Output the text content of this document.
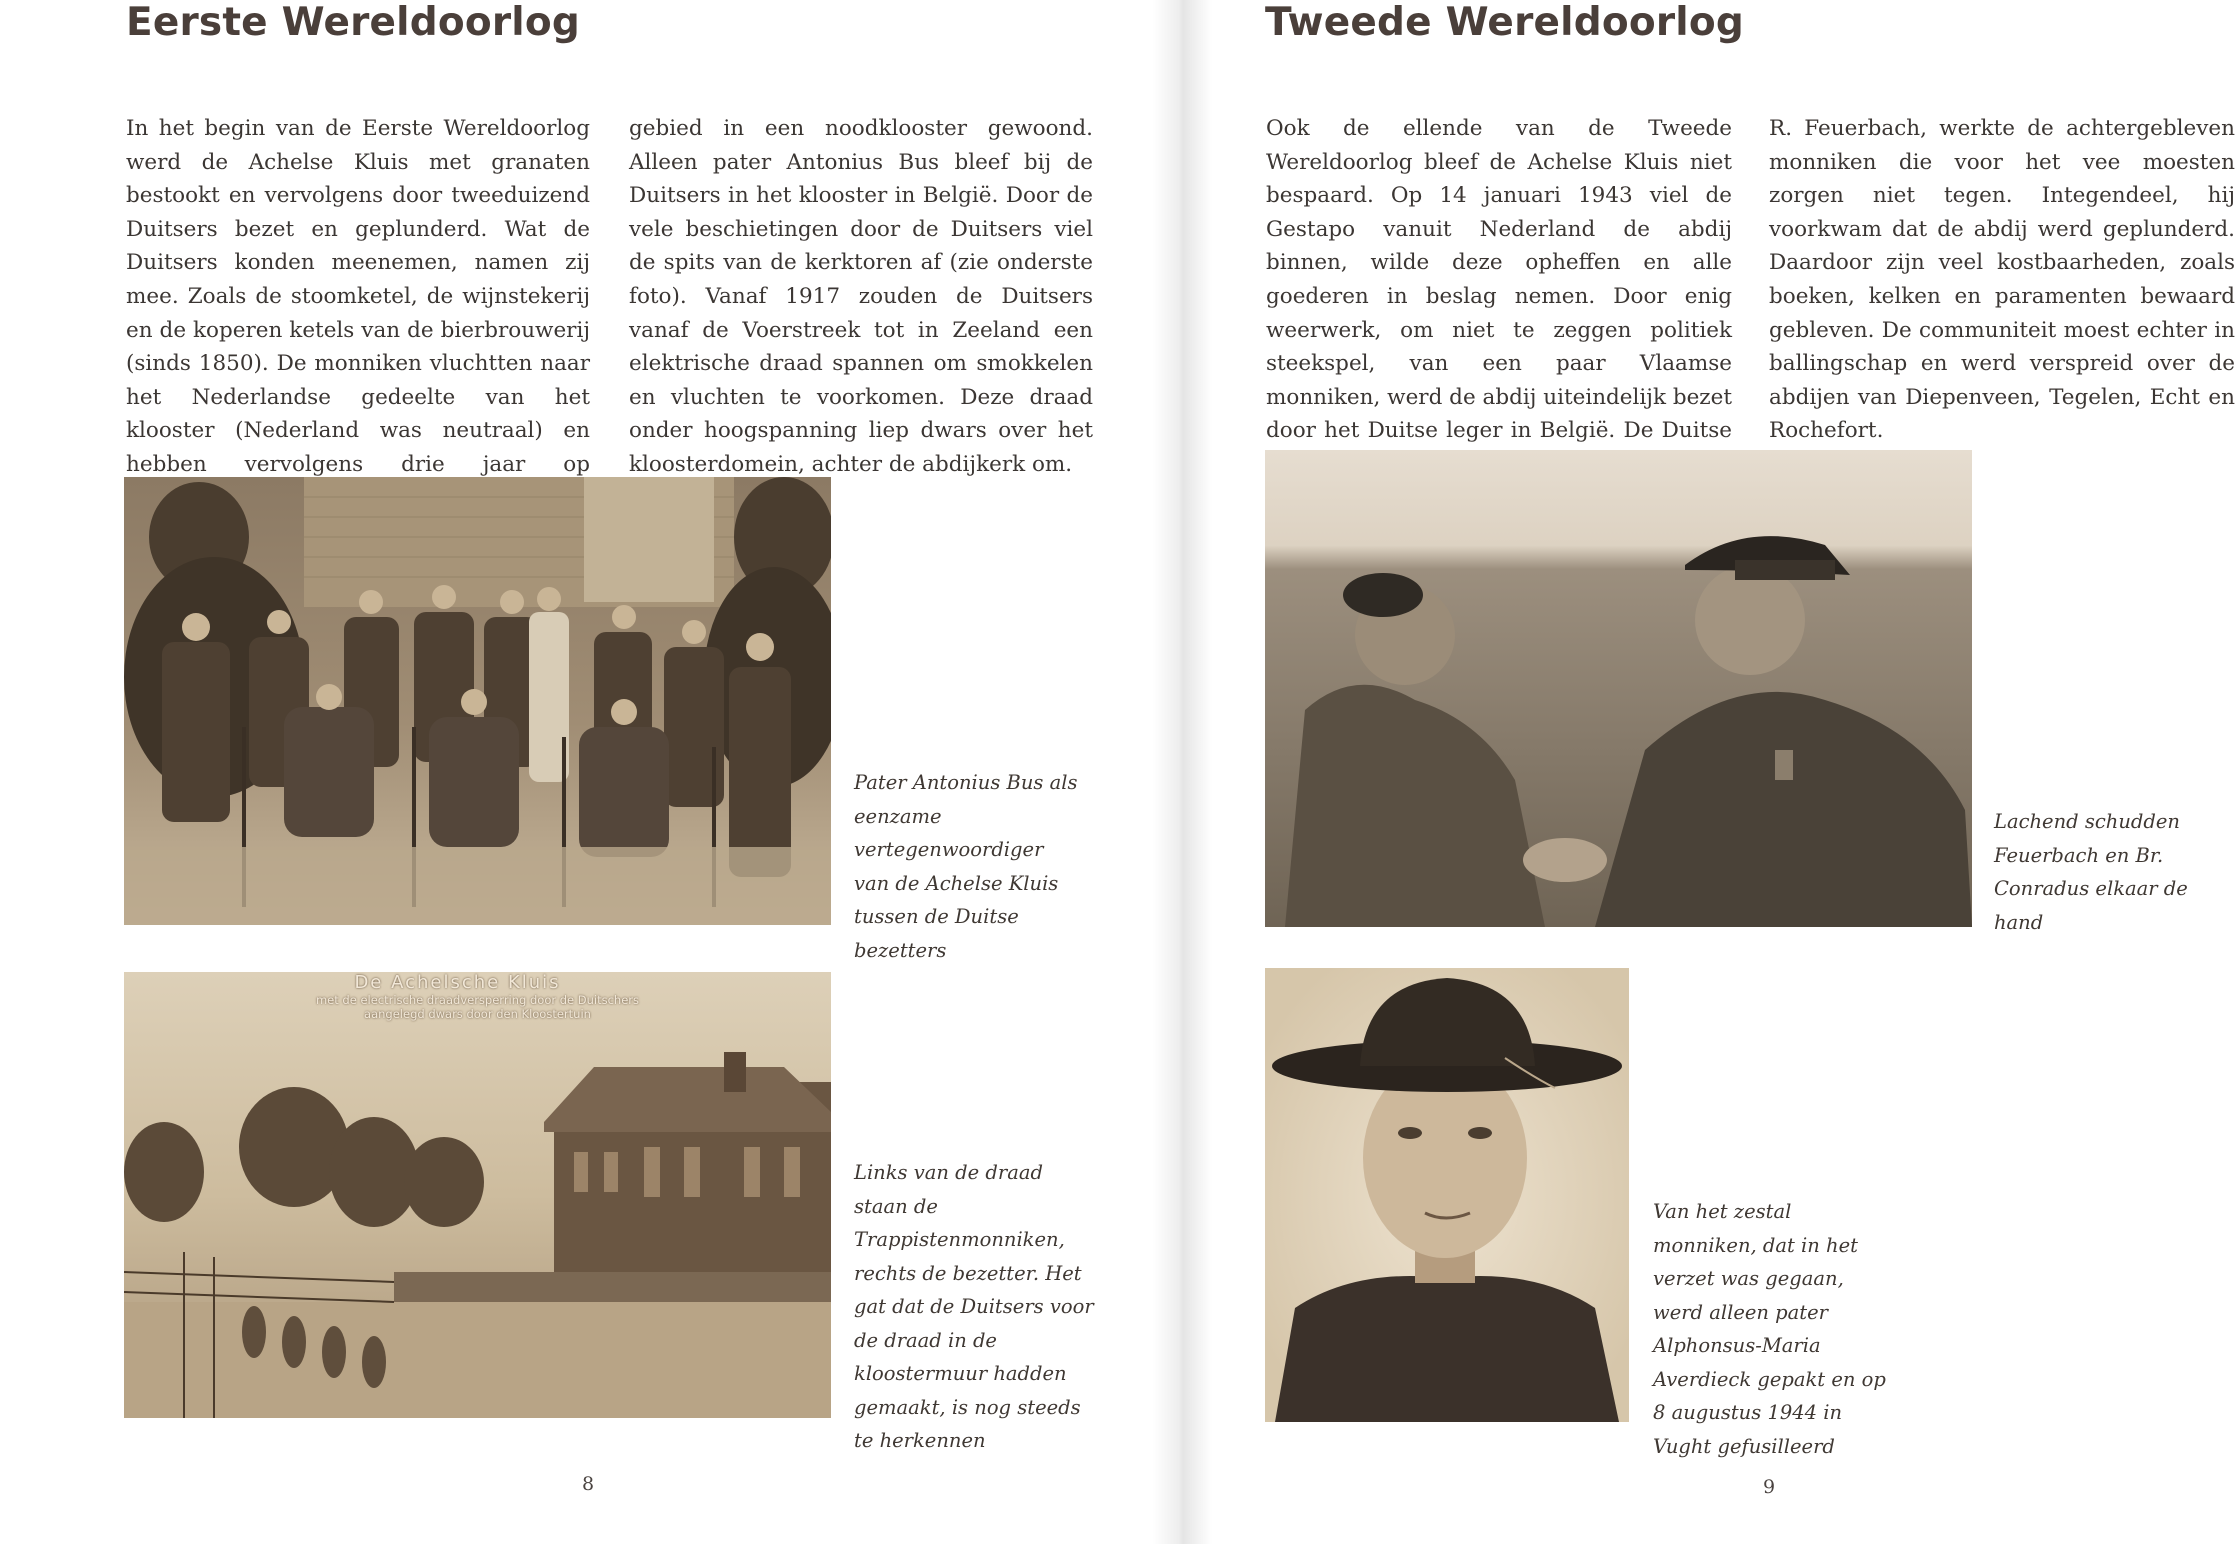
Eerste Wereldoorlog

In het begin van de Eerste Wereldoorlog werd de Achelse Kluis met granaten bestookt en vervolgens door tweeduizend Duitsers bezet en geplunderd. Wat de Duitsers konden meenemen, namen zij mee. Zoals de stoomketel, de wijnstekerij en de koperen ketels van de bierbrouwerij (sinds 1850). De monniken vluchtten naar het Nederlandse gedeelte van het klooster (Nederland was neutraal) en hebben vervolgens drie jaar op

gebied in een noodklooster gewoond. Alleen pater Antonius Bus bleef bij de Duitsers in het klooster in België. Door de vele beschietingen door de Duitsers viel de spits van de kerktoren af (zie onderste foto). Vanaf 1917 zouden de Duitsers vanaf de Voerstreek tot in Zeeland een elektrische draad spannen om smokkelen en vluchten te voorkomen. Deze draad onder hoogspanning liep dwars over het kloosterdomein, achter de abdijkerk om.

Pater Antonius Bus als eenzame vertegenwoordiger van de Achelse Kluis tussen de Duitse bezetters

De Achelsche Kluis
met de electrische draadversperring door de Duitschers aangelegd dwars door den Kloostertuin

Links van de draad staan de Trappistenmonniken, rechts de bezetter. Het gat dat de Duitsers voor de draad in de kloostermuur hadden gemaakt, is nog steeds te herkennen

8
Tweede Wereldoorlog

Ook de ellende van de Tweede Wereldoorlog bleef de Achelse Kluis niet bespaard. Op 14 januari 1943 viel de Gestapo vanuit Nederland de abdij binnen, wilde deze opheffen en alle goederen in beslag nemen. Door enig weerwerk, om niet te zeggen politiek steekspel, van een paar Vlaamse monniken, werd de abdij uiteindelijk bezet door het Duitse leger in België. De Duitse

R. Feuerbach, werkte de achtergebleven monniken die voor het vee moesten zorgen niet tegen. Integendeel, hij voorkwam dat de abdij werd geplunderd. Daardoor zijn veel kostbaarheden, zoals boeken, kelken en paramenten bewaard gebleven. De communiteit moest echter in ballingschap en werd verspreid over de abdijen van Diepenveen, Tegelen, Echt en Rochefort.

Lachend schudden Feuerbach en Br. Conradus elkaar de hand

Van het zestal monniken, dat in het verzet was gegaan, werd alleen pater Alphonsus-Maria Averdieck gepakt en op 8 augustus 1944 in Vught gefusilleerd

9
